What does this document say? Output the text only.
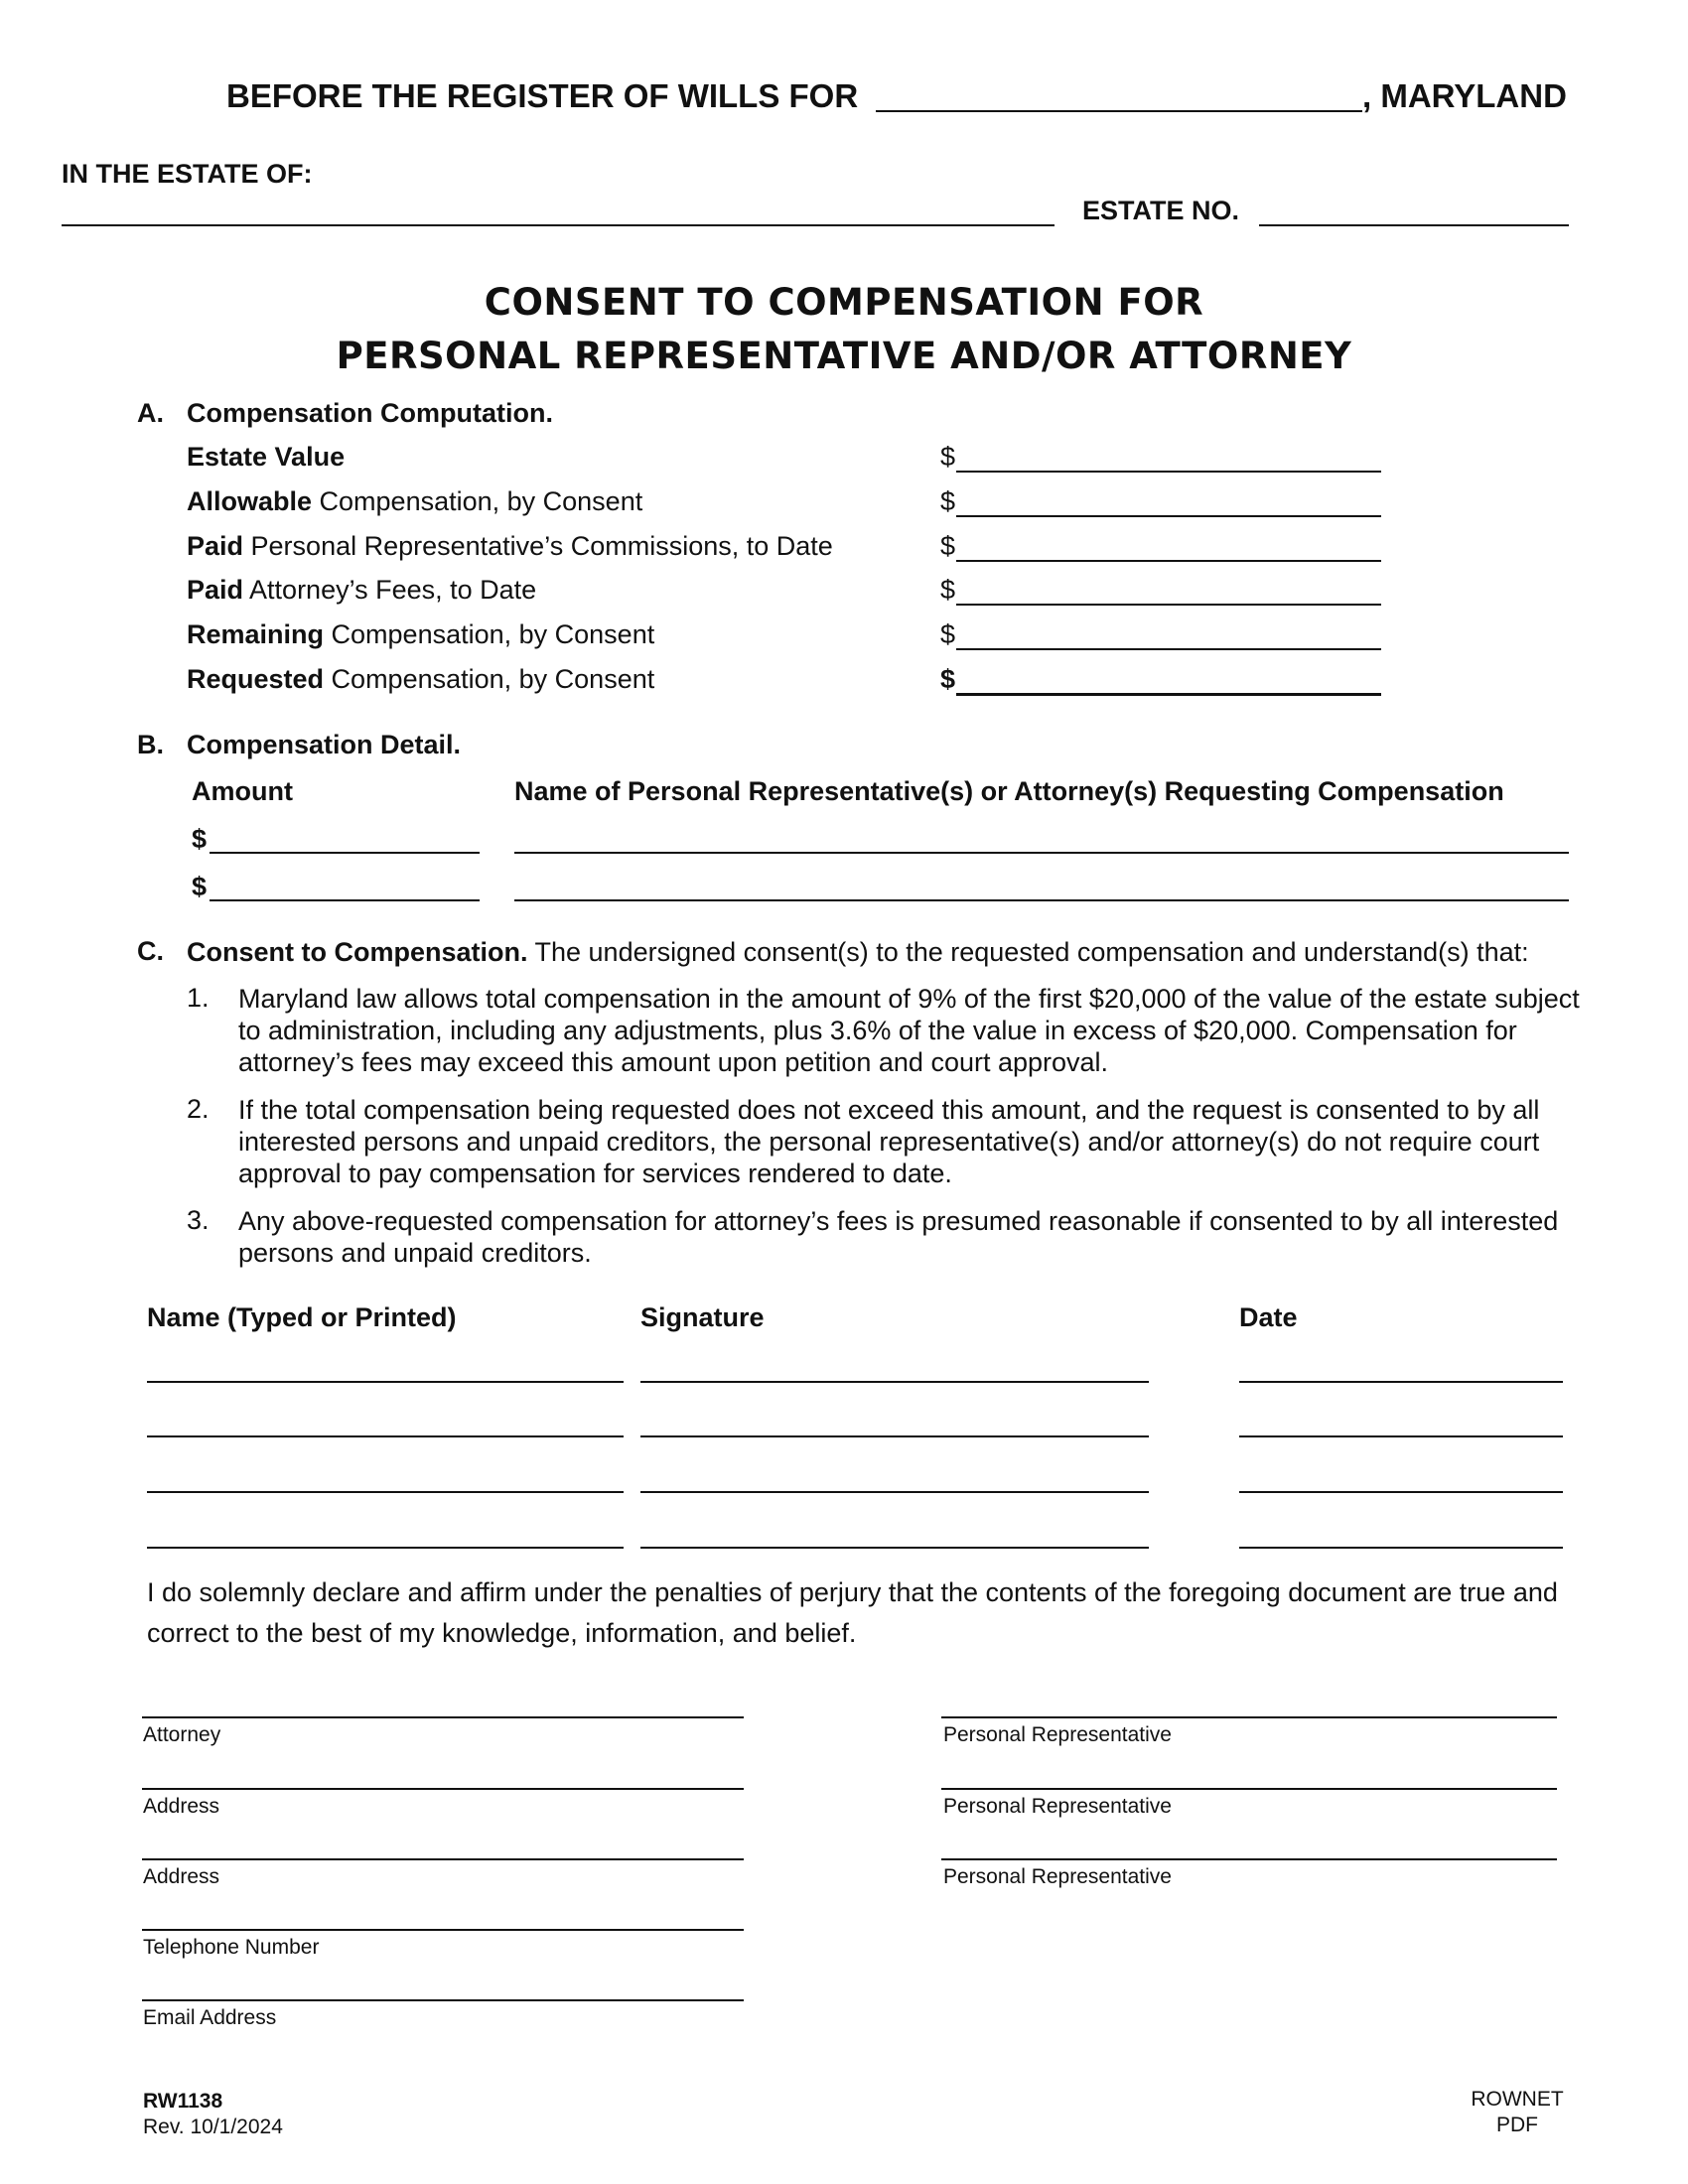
BEFORE THE REGISTER OF WILLS FOR	, MARYLAND
IN THE ESTATE OF:
ESTATE NO.
CONSENT TO COMPENSATION FOR
PERSONAL REPRESENTATIVE AND/OR ATTORNEY
A. Compensation Computation.
Estate Value	$
Allowable Compensation, by Consent	$
Paid Personal Representative’s Commissions, to Date	$
Paid Attorney’s Fees, to Date	$
Remaining Compensation, by Consent	$
Requested Compensation, by Consent	$
B. Compensation Detail.
Amount	Name of Personal Representative(s) or Attorney(s) Requesting Compensation
$
$
C. Consent to Compensation. The undersigned consent(s) to the requested compensation and understand(s) that:
1. Maryland law allows total compensation in the amount of 9% of the first $20,000 of the value of the estate subject to administration, including any adjustments, plus 3.6% of the value in excess of $20,000. Compensation for attorney’s fees may exceed this amount upon petition and court approval.
2. If the total compensation being requested does not exceed this amount, and the request is consented to by all interested persons and unpaid creditors, the personal representative(s) and/or attorney(s) do not require court approval to pay compensation for services rendered to date.
3. Any above-requested compensation for attorney’s fees is presumed reasonable if consented to by all interested persons and unpaid creditors.
Name (Typed or Printed)	Signature	Date
I do solemnly declare and affirm under the penalties of perjury that the contents of the foregoing document are true and correct to the best of my knowledge, information, and belief.
Attorney
Address
Address
Telephone Number
Email Address
Personal Representative
Personal Representative
Personal Representative
RW1138
Rev. 10/1/2024
ROWNET
PDF
